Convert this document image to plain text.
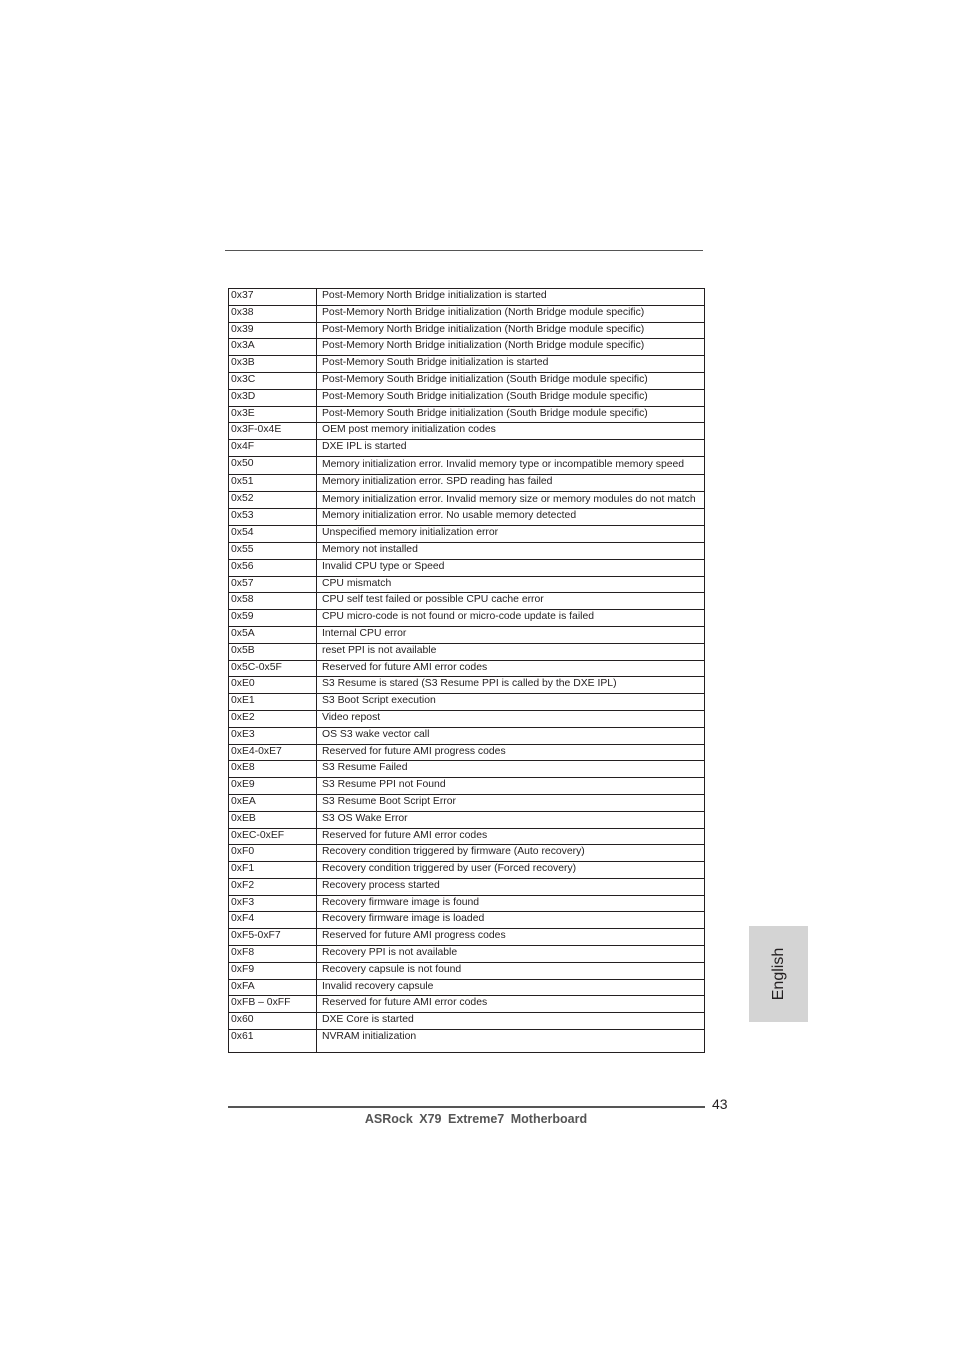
0x37	Post-Memory North Bridge initialization is started
0x38	Post-Memory North Bridge initialization (North Bridge module specific)
0x39	Post-Memory North Bridge initialization (North Bridge module specific)
0x3A	Post-Memory North Bridge initialization (North Bridge module specific)
0x3B	Post-Memory South Bridge initialization is started
0x3C	Post-Memory South Bridge initialization (South Bridge module specific)
0x3D	Post-Memory South Bridge initialization (South Bridge module specific)
0x3E	Post-Memory South Bridge initialization (South Bridge module specific)
0x3F-0x4E	OEM post memory initialization codes
0x4F	DXE IPL is started
0x50	Memory initialization error. Invalid memory type or incompatible memory speed
0x51	Memory initialization error. SPD reading has failed
0x52	Memory initialization error. Invalid memory size or memory modules do not match
0x53	Memory initialization error. No usable memory detected
0x54	Unspecified memory initialization error
0x55	Memory not installed
0x56	Invalid CPU type or Speed
0x57	CPU mismatch
0x58	CPU self test failed or possible CPU cache error
0x59	CPU micro-code is not found or micro-code update is failed
0x5A	Internal CPU error
0x5B	reset PPI is not available
0x5C-0x5F	Reserved for future AMI error codes
0xE0	S3 Resume is stared (S3 Resume PPI is called by the DXE IPL)
0xE1	S3 Boot Script execution
0xE2	Video repost
0xE3	OS S3 wake vector call
0xE4-0xE7	Reserved for future AMI progress codes
0xE8	S3 Resume Failed
0xE9	S3 Resume PPI not Found
0xEA	S3 Resume Boot Script Error
0xEB	S3 OS Wake Error
0xEC-0xEF	Reserved for future AMI error codes
0xF0	Recovery condition triggered by firmware (Auto recovery)
0xF1	Recovery condition triggered by user (Forced recovery)
0xF2	Recovery process started
0xF3	Recovery firmware image is found
0xF4	Recovery firmware image is loaded
0xF5-0xF7	Reserved for future AMI progress codes
0xF8	Recovery PPI is not available
0xF9	Recovery capsule is not found
0xFA	Invalid recovery capsule
0xFB – 0xFF	Reserved for future AMI error codes
0x60	DXE Core is started
0x61	NVRAM initialization
English
43
ASRock X79 Extreme7 Motherboard
